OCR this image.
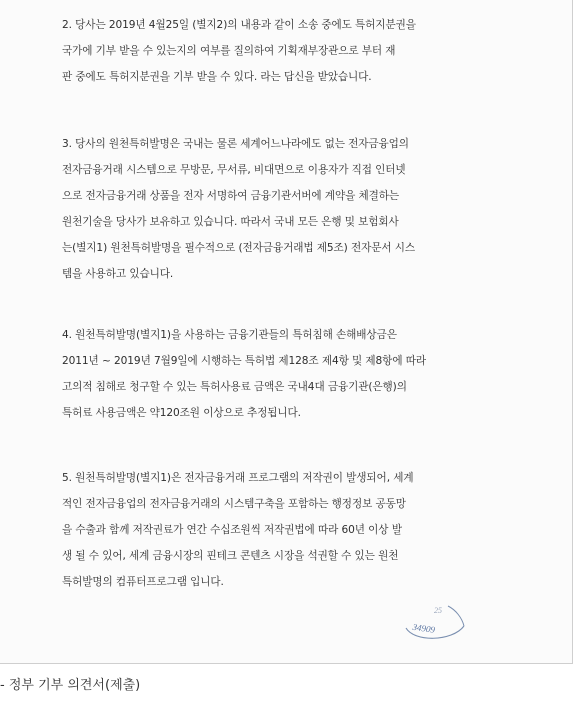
2. 당사는 2019년 4월25일 (별지2)의 내용과 같이 소송 중에도 특허지분권을
국가에 기부 받을 수 있는지의 여부를 질의하여 기획재부장관으로 부터 재
판 중에도 특허지분권을 기부 받을 수 있다. 라는 답신을 받았습니다.

3. 당사의 원천특허발명은 국내는 물론 세계어느나라에도 없는 전자금융업의
전자금융거래 시스템으로 무방문, 무서류, 비대면으로 이용자가 직접 인터넷
으로 전자금융거래 상품을 전자 서명하여 금융기관서버에 계약을 체결하는
원천기술을 당사가 보유하고 있습니다. 따라서 국내 모든 은행 및 보험회사
는(별지1) 원천특허발명을 필수적으로 (전자금융거래법 제5조) 전자문서 시스
템을 사용하고 있습니다.

4. 원천특허발명(별지1)을 사용하는 금융기관들의 특허침해 손해배상금은
2011년 ~ 2019년 7월9일에 시행하는 특허법 제128조 제4항 및 제8항에 따라
고의적 침해로 청구할 수 있는 특허사용료 금액은 국내4대 금융기관(은행)의
특허료 사용금액은 약120조원 이상으로 추정됩니다.

5. 원천특허발명(별지1)은 전자금융거래 프로그램의 저작권이 발생되어, 세계
적인 전자금융업의 전자금융거래의 시스템구축을 포함하는 행정정보 공동망
을 수출과 함께 저작권료가 연간 수십조원씩 저작권법에 따라 60년 이상 발
생 될 수 있어, 세계 금융시장의 핀테크 콘텐츠 시장을 석권할 수 있는 원천
특허발명의 컴퓨터프로그램 입니다.

25
34909
- 정부 기부 의견서(제출)
